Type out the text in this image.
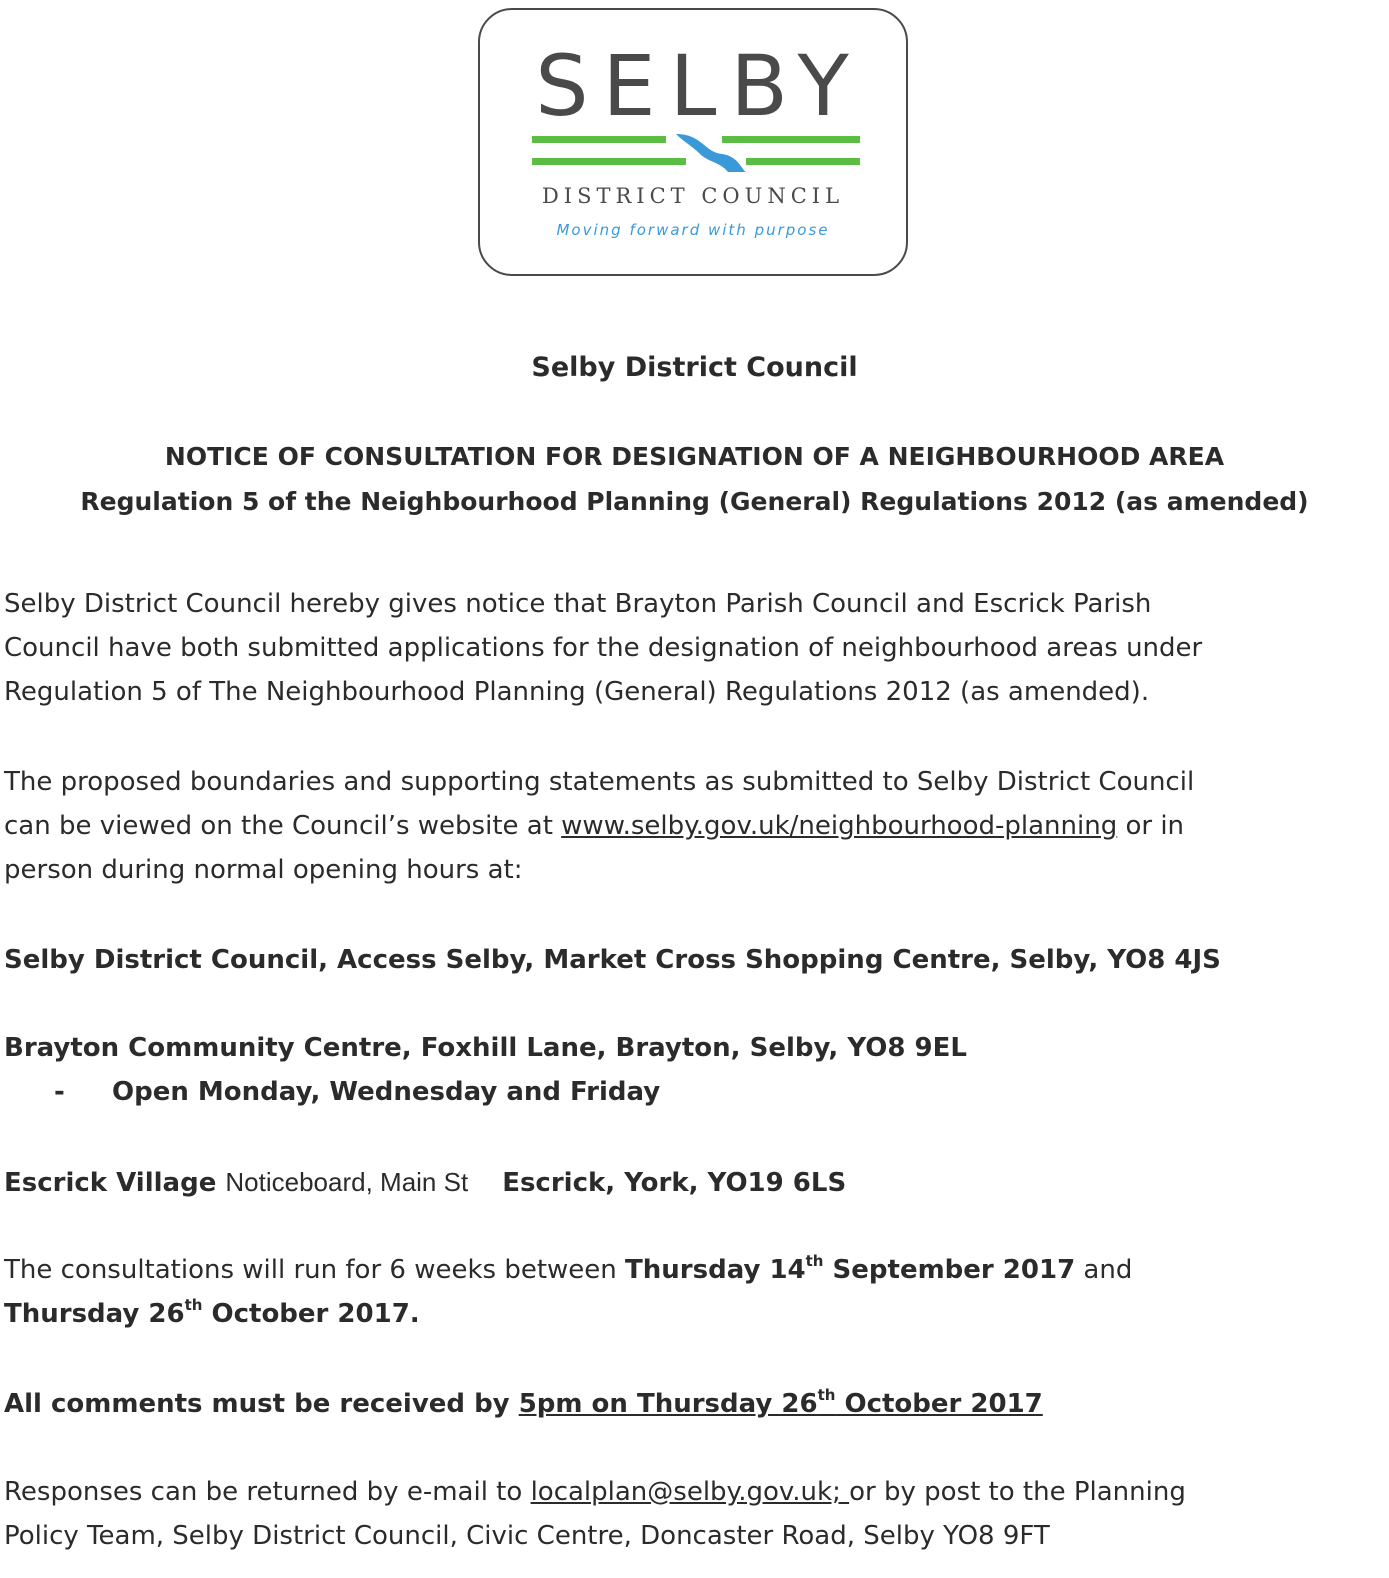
SELBY
DISTRICT COUNCIL
Moving forward with purpose
Selby District Council
NOTICE OF CONSULTATION FOR DESIGNATION OF A NEIGHBOURHOOD AREA
Regulation 5 of the Neighbourhood Planning (General) Regulations 2012 (as amended)
Selby District Council hereby gives notice that Brayton Parish Council and Escrick Parish
Council have both submitted applications for the designation of neighbourhood areas under
Regulation 5 of The Neighbourhood Planning (General) Regulations 2012 (as amended).
The proposed boundaries and supporting statements as submitted to Selby District Council
can be viewed on the Council’s website at www.selby.gov.uk/neighbourhood-planning or in
person during normal opening hours at:
Selby District Council, Access Selby, Market Cross Shopping Centre, Selby, YO8 4JS
Brayton Community Centre, Foxhill Lane, Brayton, Selby, YO8 9EL
- Open Monday, Wednesday and Friday
Escrick Village Noticeboard, Main St Escrick, York, YO19 6LS
The consultations will run for 6 weeks between Thursday 14th September 2017 and
Thursday 26th October 2017.
All comments must be received by 5pm on Thursday 26th October 2017
Responses can be returned by e-mail to localplan@selby.gov.uk; or by post to the Planning
Policy Team, Selby District Council, Civic Centre, Doncaster Road, Selby YO8 9FT
